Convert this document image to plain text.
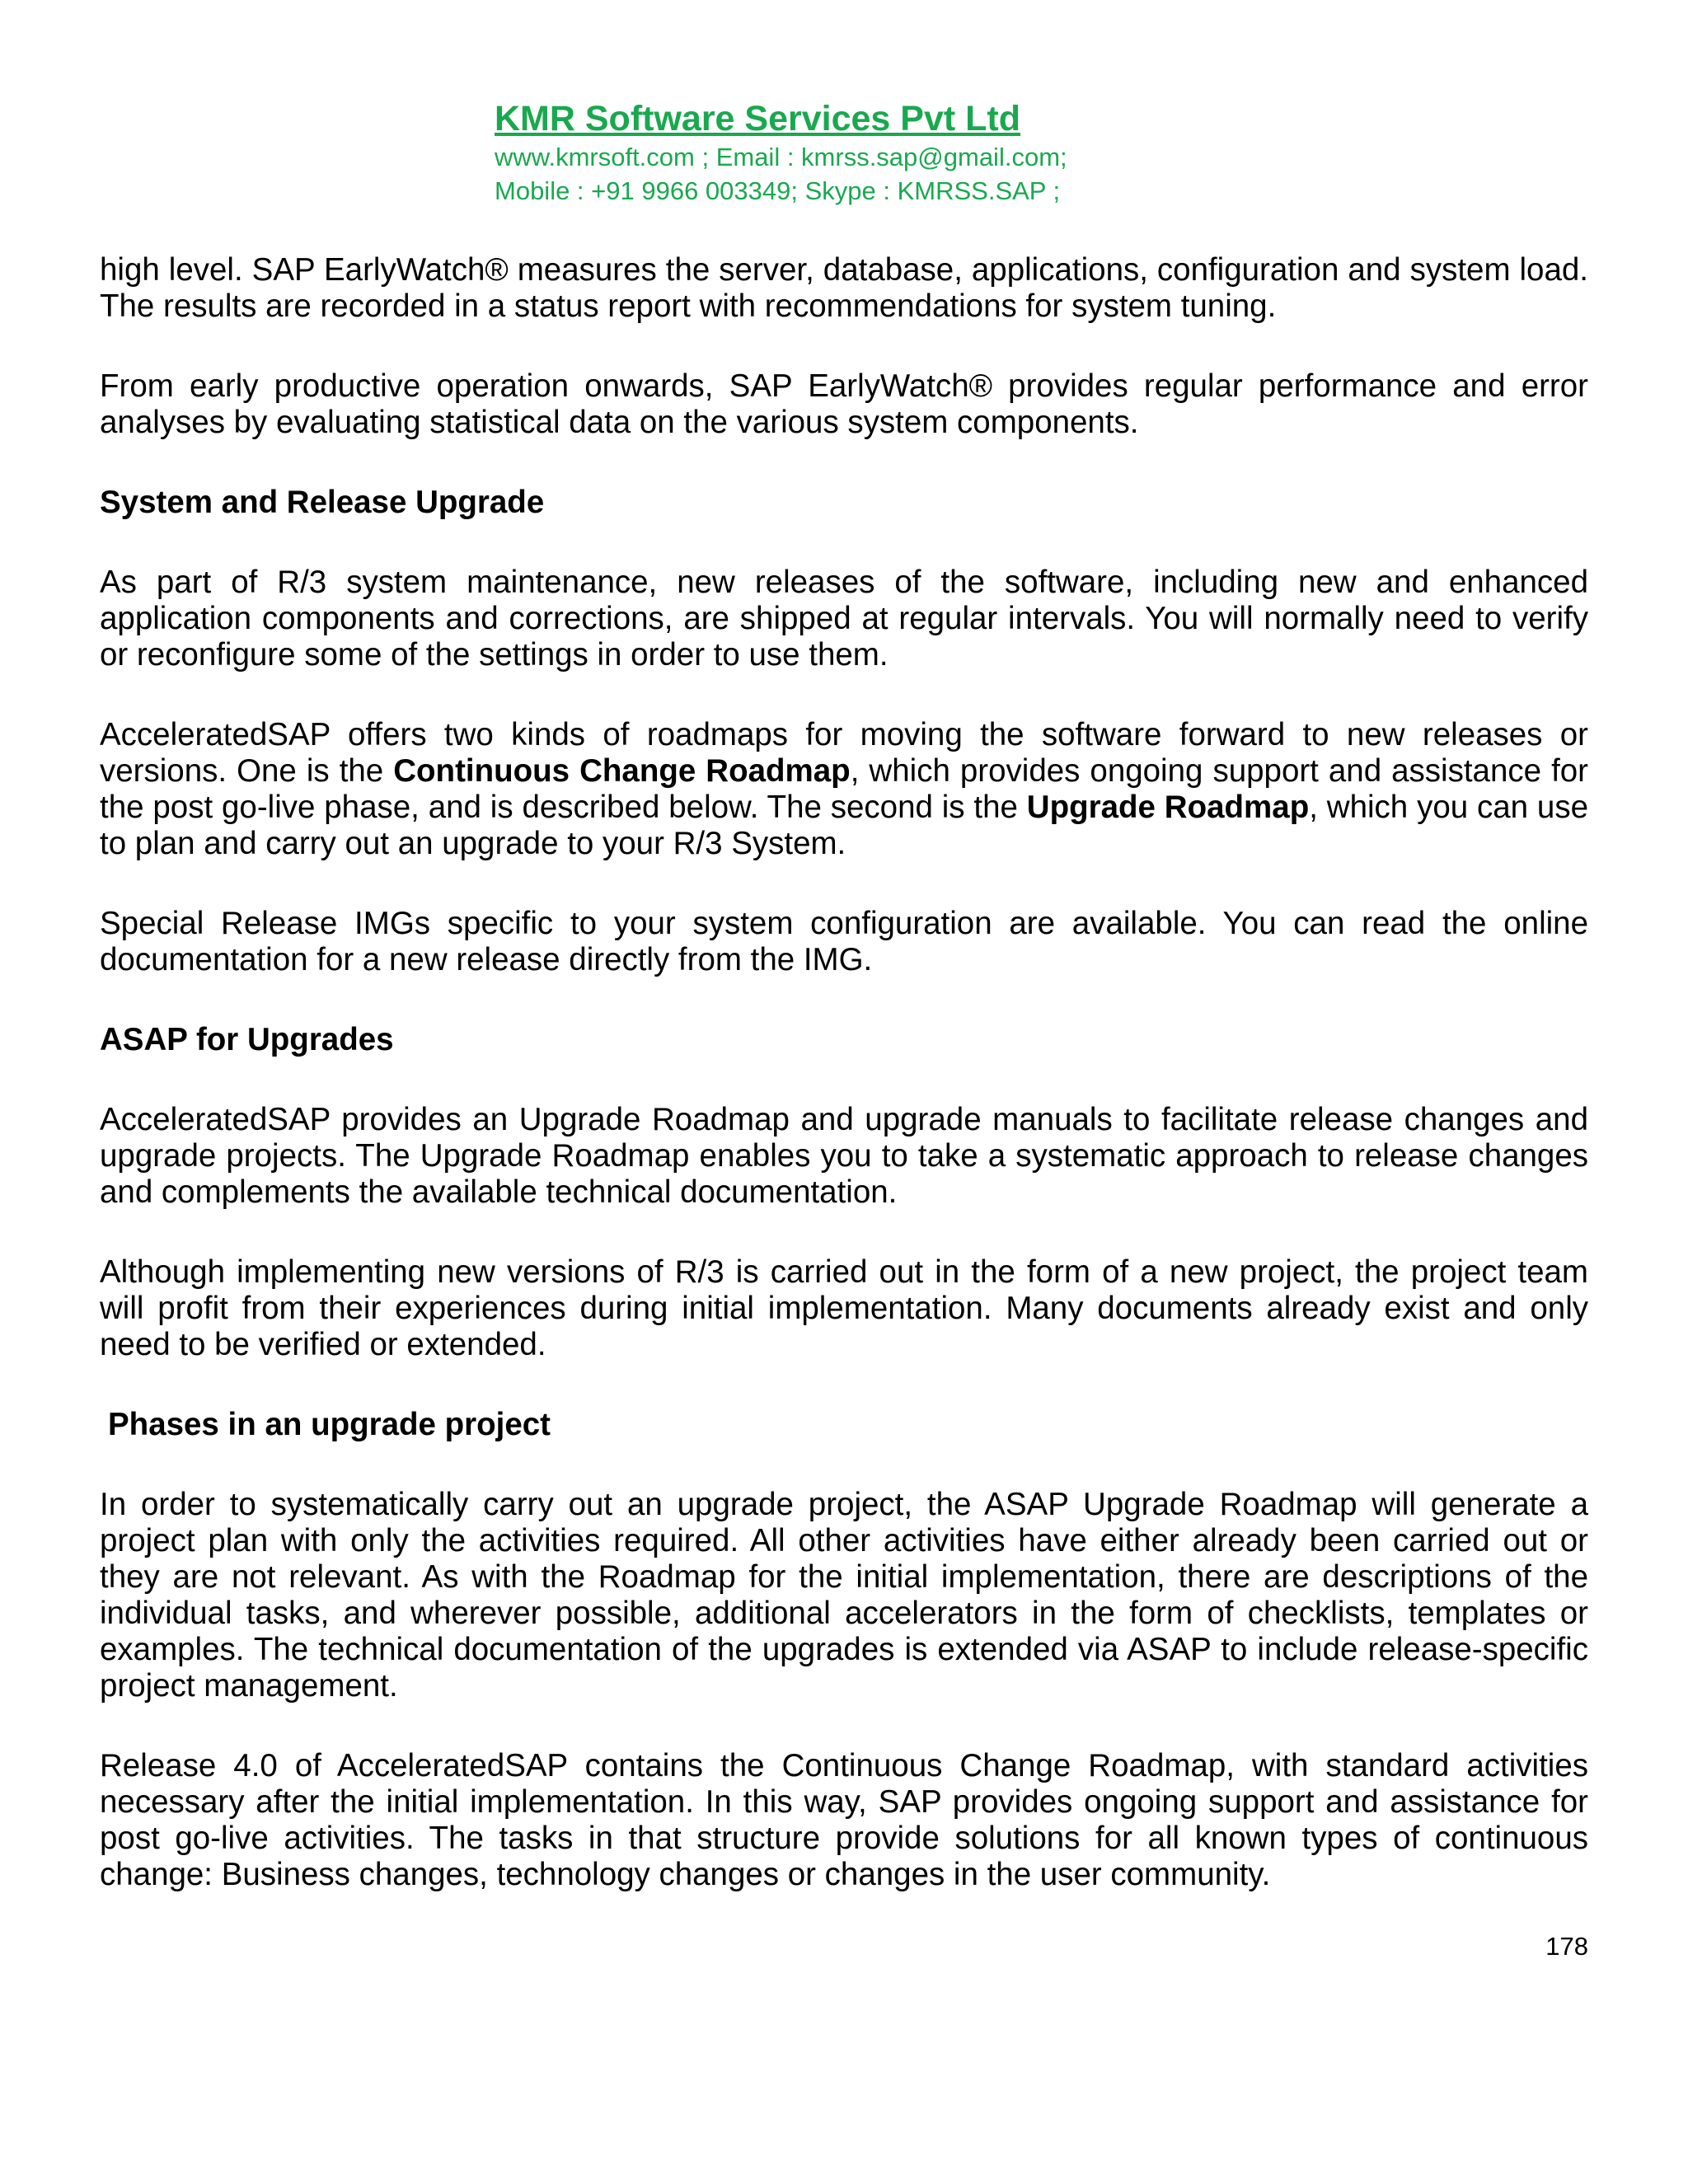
KMR Software Services Pvt Ltd

www.kmrsoft.com ; Email : kmrss.sap@gmail.com;

Mobile : +91 9966 003349; Skype : KMRSS.SAP ;

high level. SAP EarlyWatch® measures the server, database, applications, configuration and system load. The results are recorded in a status report with recommendations for system tuning.

From early productive operation onwards, SAP EarlyWatch® provides regular performance and error analyses by evaluating statistical data on the various system components.

System and Release Upgrade

As part of R/3 system maintenance, new releases of the software, including new and enhanced application components and corrections, are shipped at regular intervals. You will normally need to verify or reconfigure some of the settings in order to use them.

AcceleratedSAP offers two kinds of roadmaps for moving the software forward to new releases or versions. One is the Continuous Change Roadmap, which provides ongoing support and assistance for the post go-live phase, and is described below. The second is the Upgrade Roadmap, which you can use to plan and carry out an upgrade to your R/3 System.

Special Release IMGs specific to your system configuration are available. You can read the online documentation for a new release directly from the IMG.

ASAP for Upgrades

AcceleratedSAP provides an Upgrade Roadmap and upgrade manuals to facilitate release changes and upgrade projects. The Upgrade Roadmap enables you to take a systematic approach to release changes and complements the available technical documentation.

Although implementing new versions of R/3 is carried out in the form of a new project, the project team will profit from their experiences during initial implementation. Many documents already exist and only need to be verified or extended.

Phases in an upgrade project

In order to systematically carry out an upgrade project, the ASAP Upgrade Roadmap will generate a project plan with only the activities required. All other activities have either already been carried out or they are not relevant. As with the Roadmap for the initial implementation, there are descriptions of the individual tasks, and wherever possible, additional accelerators in the form of checklists, templates or examples. The technical documentation of the upgrades is extended via ASAP to include release-specific project management.

Release 4.0 of AcceleratedSAP contains the Continuous Change Roadmap, with standard activities necessary after the initial implementation. In this way, SAP provides ongoing support and assistance for post go-live activities. The tasks in that structure provide solutions for all known types of continuous change: Business changes, technology changes or changes in the user community.

178
